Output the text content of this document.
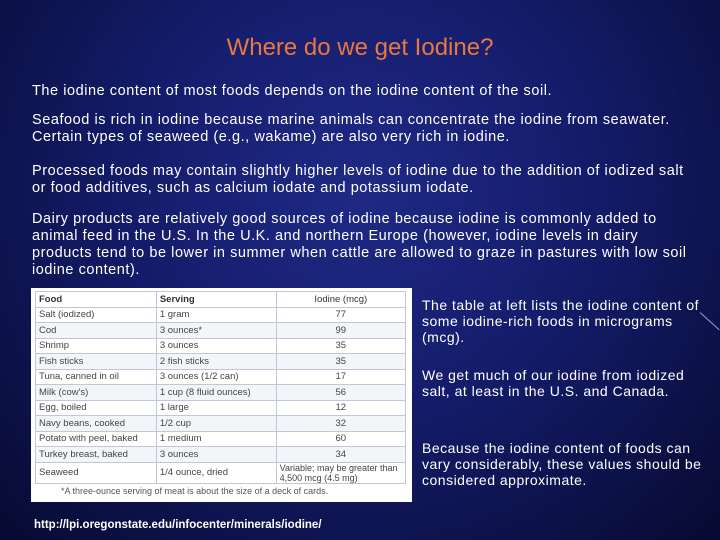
Where do we get Iodine?
The iodine content of most foods depends on the iodine content of the soil.
Seafood is rich in iodine because marine animals can concentrate the iodine from seawater. Certain types of seaweed (e.g., wakame) are also very rich in iodine.
Processed foods may contain slightly higher levels of iodine due to the addition of iodized salt or food additives, such as calcium iodate and potassium iodate.
Dairy products are relatively good sources of iodine because iodine is commonly added to animal feed in the U.S. In the U.K. and northern Europe (however, iodine levels in dairy products tend to be lower in summer when cattle are allowed to graze in pastures with low soil iodine content).
Food	Serving	Iodine (mcg)
Salt (iodized)	1 gram	77
Cod	3 ounces*	99
Shrimp	3 ounces	35
Fish sticks	2 fish sticks	35
Tuna, canned in oil	3 ounces (1/2 can)	17
Milk (cow's)	1 cup (8 fluid ounces)	56
Egg, boiled	1 large	12
Navy beans, cooked	1/2 cup	32
Potato with peel, baked	1 medium	60
Turkey breast, baked	3 ounces	34
Seaweed	1/4 ounce, dried	Variable; may be greater than 4,500 mcg (4.5 mg)
*A three-ounce serving of meat is about the size of a deck of cards.
The table at left lists the iodine content of some iodine-rich foods in micrograms (mcg).
We get much of our iodine from iodized salt, at least in the U.S. and Canada.
Because the iodine content of foods can vary considerably, these values should be considered approximate.
http://lpi.oregonstate.edu/infocenter/minerals/iodine/
